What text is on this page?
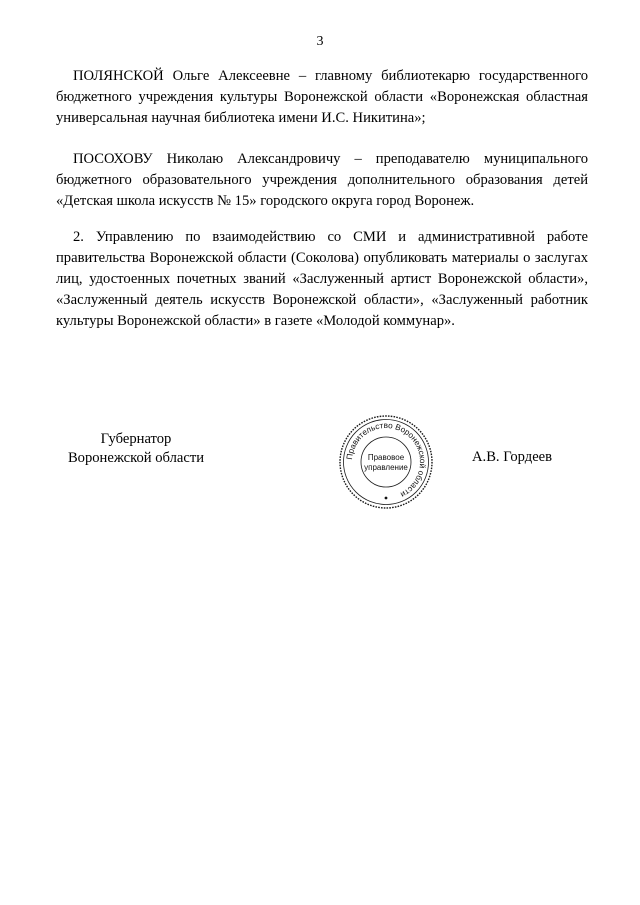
3

ПОЛЯНСКОЙ Ольге Алексеевне – главному библиотекарю государственного бюджетного учреждения культуры Воронежской области «Воронежская областная универсальная научная библиотека имени И.С. Никитина»;

ПОСОХОВУ Николаю Александровичу – преподавателю муниципального бюджетного образовательного учреждения дополнительного образования детей «Детская школа искусств № 15» городского округа город Воронеж.

2. Управлению по взаимодействию со СМИ и административной работе правительства Воронежской области (Соколова) опубликовать материалы о заслугах лиц, удостоенных почетных званий «Заслуженный артист Воронежской области», «Заслуженный деятель искусств Воронежской области», «Заслуженный работник культуры Воронежской области» в газете «Молодой коммунар».

Губернатор
Воронежской области	Правительство Воронежской области
Правовое
управление
А.В. Гордеев
